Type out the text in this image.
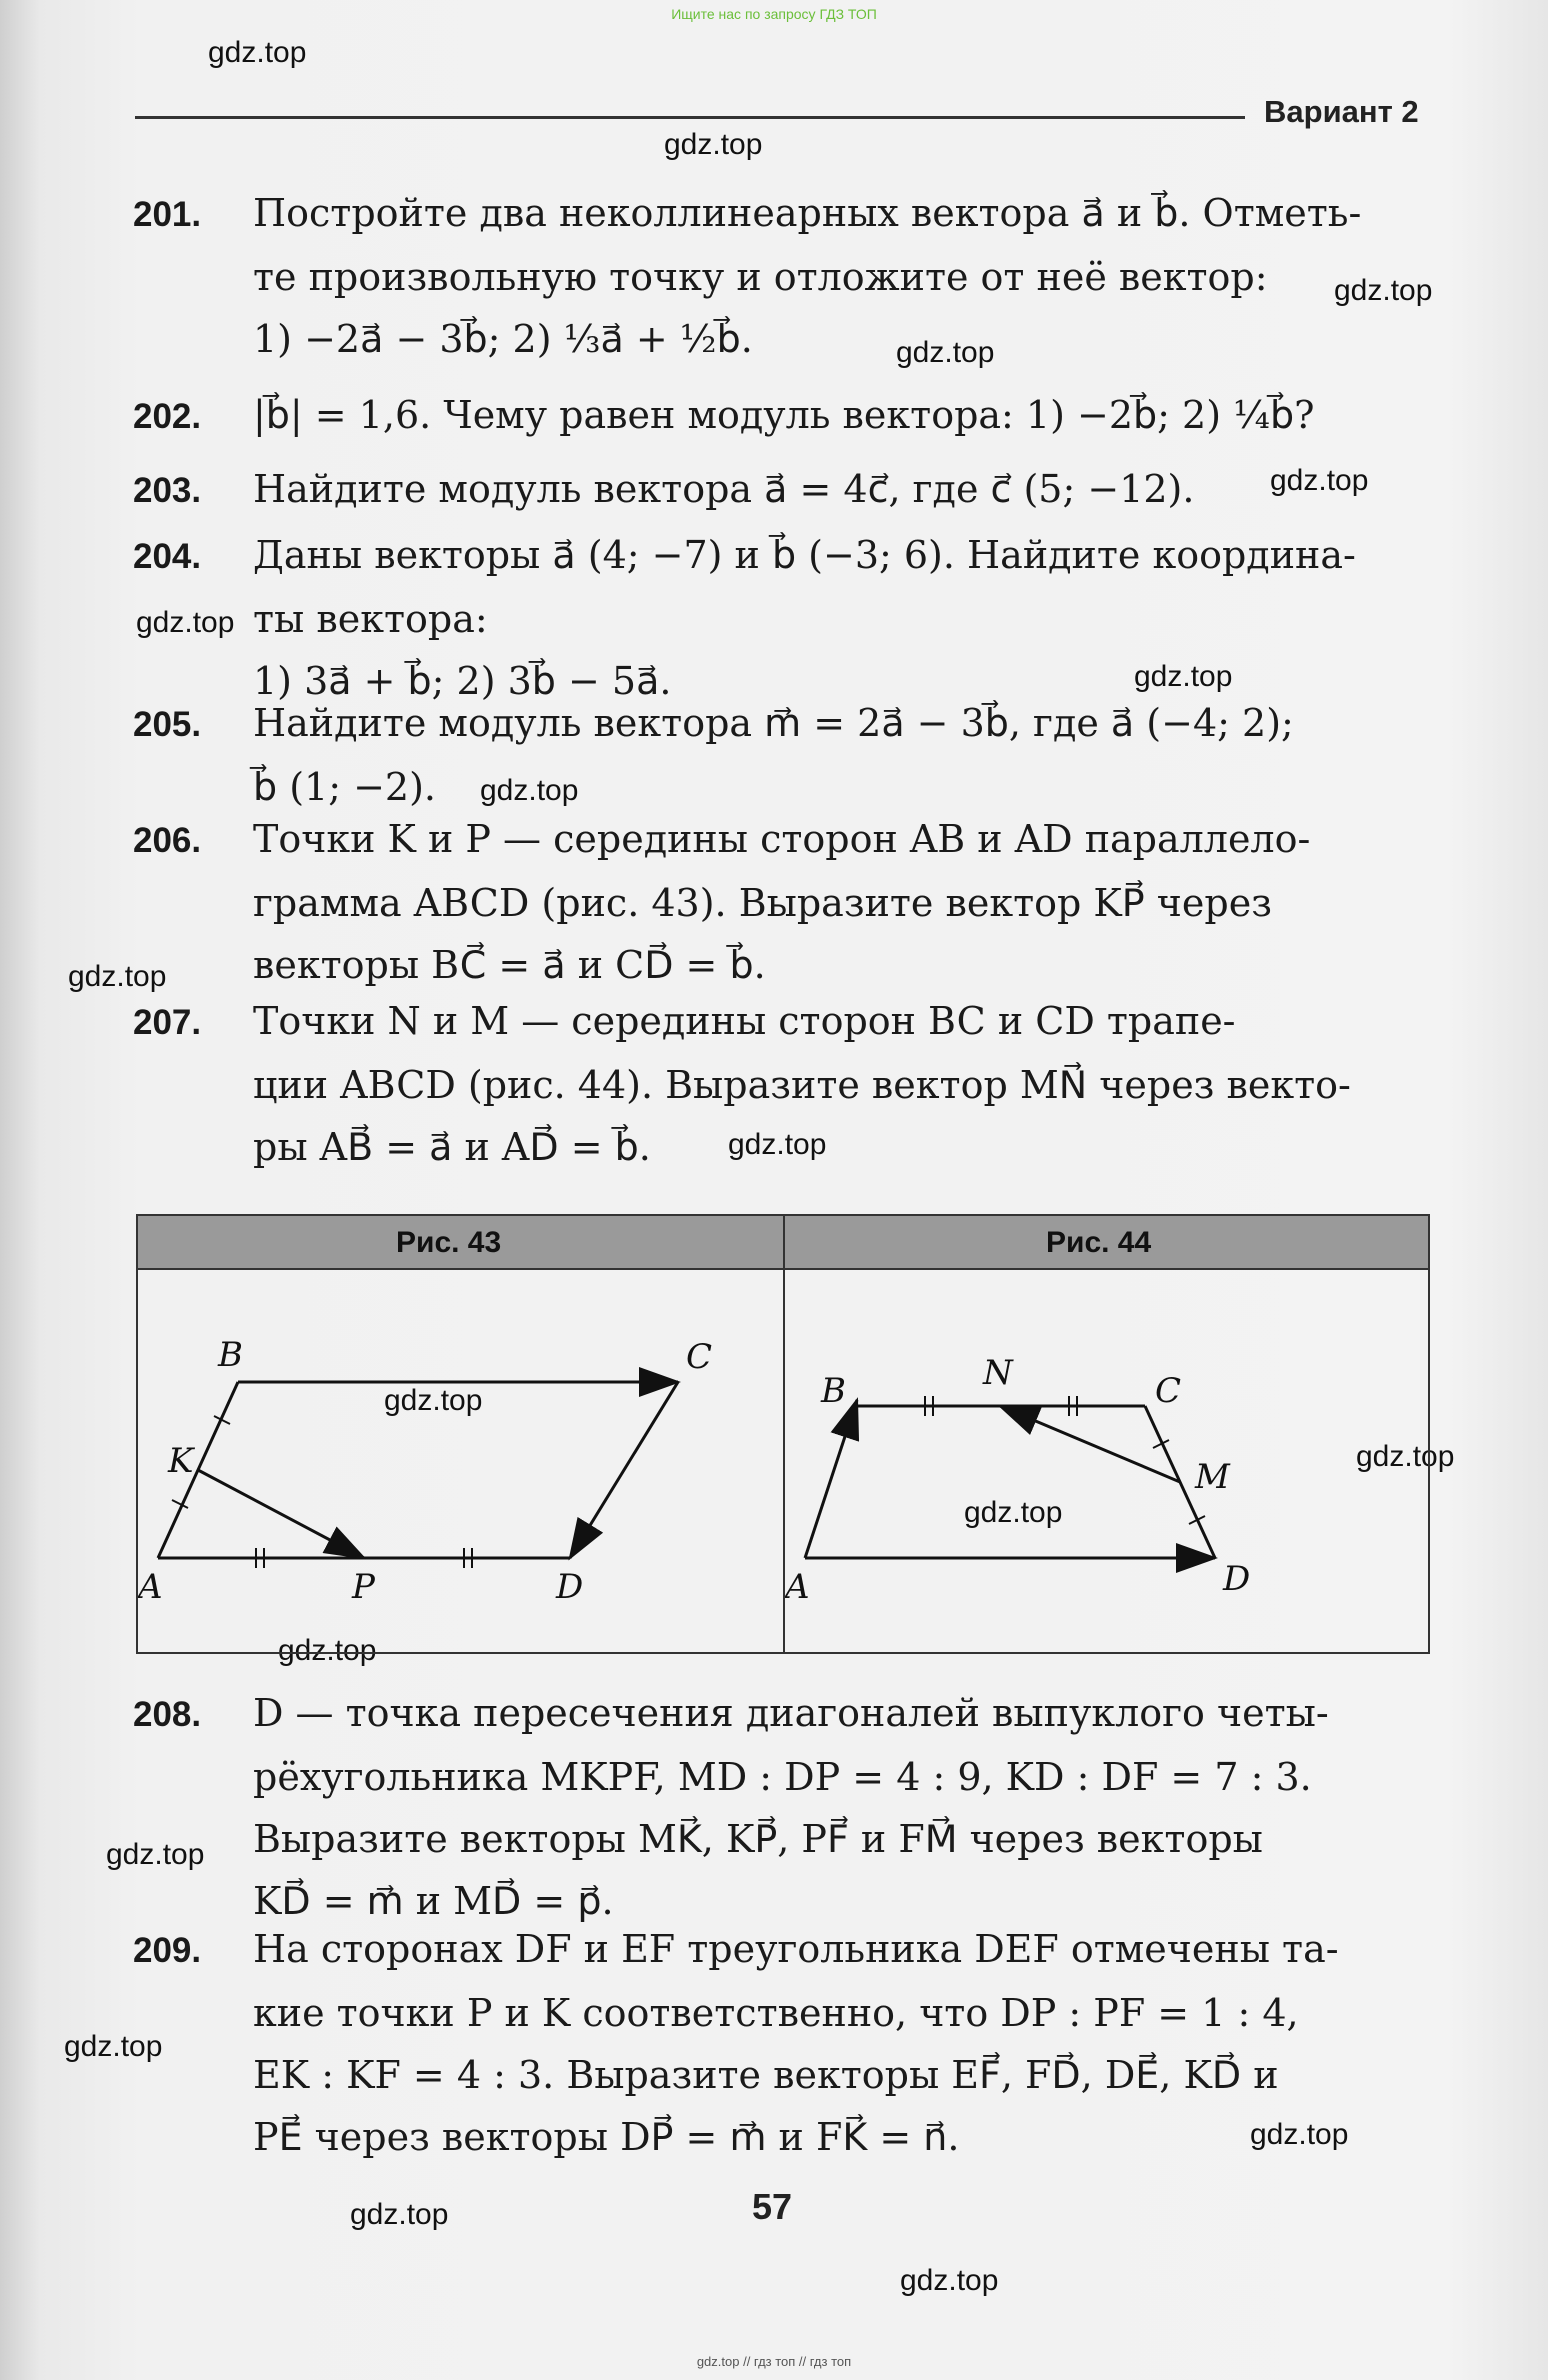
Ищите нас по запросу ГДЗ ТОП
gdz.top
gdz.top
gdz.top
gdz.top
gdz.top
gdz.top
gdz.top
gdz.top
gdz.top
gdz.top
gdz.top
gdz.top
gdz.top
gdz.top
gdz.top
gdz.top
gdz.top
gdz.top
gdz.top
Вариант 2
201. Постройте два неколлинеарных вектора a⃗ и b⃗. Отметь-
те произвольную точку и отложите от неё вектор:
1) −2a⃗ − 3b⃗; 2) ⅓a⃗ + ½b⃗.
202. |b⃗| = 1,6. Чему равен модуль вектора: 1) −2b⃗; 2) ¼b⃗?
203. Найдите модуль вектора a⃗ = 4c⃗, где c⃗ (5; −12).
204. Даны векторы a⃗ (4; −7) и b⃗ (−3; 6). Найдите координа-
ты вектора:
1) 3a⃗ + b⃗; 2) 3b⃗ − 5a⃗.
205. Найдите модуль вектора m⃗ = 2a⃗ − 3b⃗, где a⃗ (−4; 2);
b⃗ (1; −2).
206. Точки K и P — середины сторон AB и AD параллело-
грамма ABCD (рис. 43). Выразите вектор KP⃗ через
векторы BC⃗ = a⃗ и CD⃗ = b⃗.
207. Точки N и M — середины сторон BC и CD трапе-
ции ABCD (рис. 44). Выразите вектор MN⃗ через векто-
ры AB⃗ = a⃗ и AD⃗ = b⃗.
Рис. 43	Рис. 44
A
B	C
D
K
P	A
B	C
D
N
M
208. D — точка пересечения диагоналей выпуклого четы-
рёхугольника MKPF, MD : DP = 4 : 9, KD : DF = 7 : 3.
Выразите векторы MK⃗, KP⃗, PF⃗ и FM⃗ через векторы
KD⃗ = m⃗ и MD⃗ = p⃗.
209. На сторонах DF и EF треугольника DEF отмечены та-
кие точки P и K соответственно, что DP : PF = 1 : 4,
EK : KF = 4 : 3. Выразите векторы EF⃗, FD⃗, DE⃗, KD⃗ и
PE⃗ через векторы DP⃗ = m⃗ и FK⃗ = n⃗.
57
gdz.top // гдз топ // гдз топ
